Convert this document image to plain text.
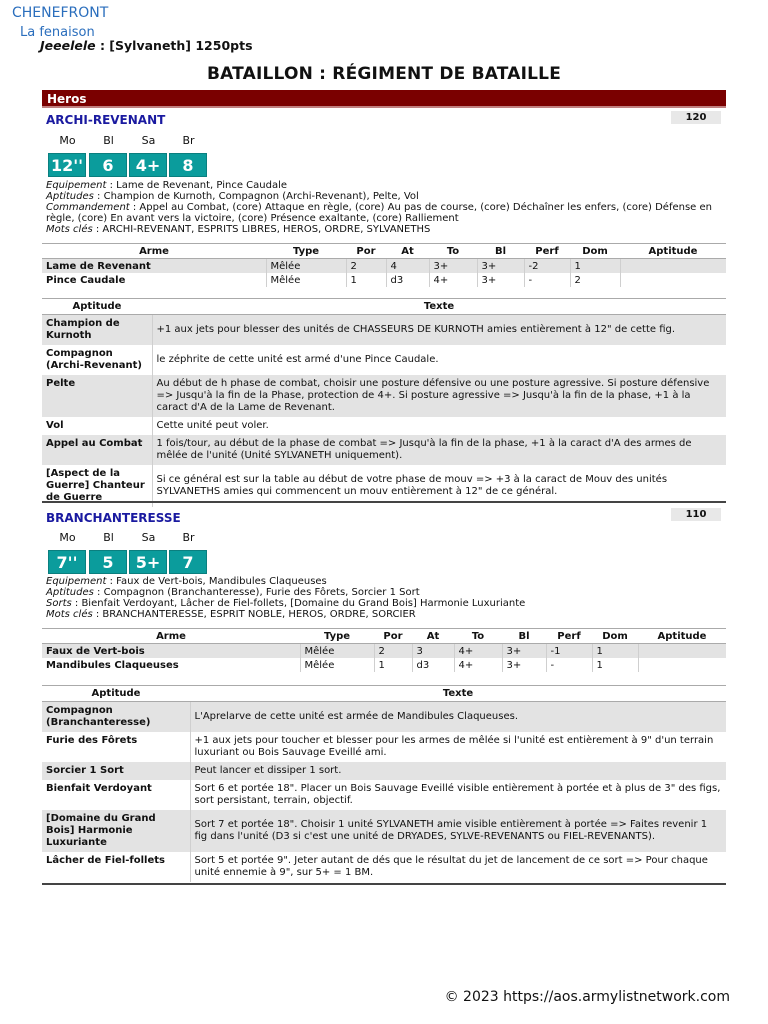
CHENEFRONT
La fenaison
Jeeelele : [Sylvaneth] 1250pts
BATAILLON : RÉGIMENT DE BATAILLE
Heros
ARCHI-REVENANT	120
Mo	Bl	Sa	Br
12''	6	4+	8
Equipement : Lame de Revenant, Pince Caudale
Aptitudes : Champion de Kurnoth, Compagnon (Archi-Revenant), Pelte, Vol
Commandement : Appel au Combat, (core) Attaque en règle, (core) Au pas de course, (core) Déchaîner les enfers, (core) Défense en règle, (core) En avant vers la victoire, (core) Présence exaltante, (core) Ralliement
Mots clés : ARCHI-REVENANT, ESPRITS LIBRES, HEROS, ORDRE, SYLVANETHS
Arme	Type	Por	At	To	Bl	Perf	Dom	Aptitude
Lame de Revenant	Mêlée	2	4	3+	3+	-2	1	
Pince Caudale	Mêlée	1	d3	4+	3+	-	2	
Aptitude	Texte
Champion de Kurnoth	+1 aux jets pour blesser des unités de CHASSEURS DE KURNOTH amies entièrement à 12" de cette fig.
Compagnon (Archi-Revenant)	le zéphrite de cette unité est armé d'une Pince Caudale.
Pelte	Au début de h phase de combat, choisir une posture défensive ou une posture agressive. Si posture défensive => Jusqu'à la fin de la Phase, protection de 4+. Si posture agressive => Jusqu'à la fin de la phase, +1 à la caract d'A de la Lame de Revenant.
Vol	Cette unité peut voler.
Appel au Combat	1 fois/tour, au début de la phase de combat => Jusqu'à la fin de la phase, +1 à la caract d'A des armes de mêlée de l'unité (Unité SYLVANETH uniquement).
[Aspect de la Guerre] Chanteur de Guerre	Si ce général est sur la table au début de votre phase de mouv => +3 à la caract de Mouv des unités SYLVANETHS amies qui commencent un mouv entièrement à 12" de ce général.
BRANCHANTERESSE	110
Mo	Bl	Sa	Br
7''	5	5+	7
Equipement : Faux de Vert-bois, Mandibules Claqueuses
Aptitudes : Compagnon (Branchanteresse), Furie des Fôrets, Sorcier 1 Sort
Sorts : Bienfait Verdoyant, Lâcher de Fiel-follets, [Domaine du Grand Bois] Harmonie Luxuriante
Mots clés : BRANCHANTERESSE, ESPRIT NOBLE, HEROS, ORDRE, SORCIER
Arme	Type	Por	At	To	Bl	Perf	Dom	Aptitude
Faux de Vert-bois	Mêlée	2	3	4+	3+	-1	1	
Mandibules Claqueuses	Mêlée	1	d3	4+	3+	-	1	
Aptitude	Texte
Compagnon (Branchanteresse)	L'Aprelarve de cette unité est armée de Mandibules Claqueuses.
Furie des Fôrets	+1 aux jets pour toucher et blesser pour les armes de mêlée si l'unité est entièrement à 9" d'un terrain luxuriant ou Bois Sauvage Eveillé ami.
Sorcier 1 Sort	Peut lancer et dissiper 1 sort.
Bienfait Verdoyant	Sort 6 et portée 18". Placer un Bois Sauvage Eveillé visible entièrement à portée et à plus de 3" des figs, sort persistant, terrain, objectif.
[Domaine du Grand Bois] Harmonie Luxuriante	Sort 7 et portée 18". Choisir 1 unité SYLVANETH amie visible entièrement à portée => Faites revenir 1 fig dans l'unité (D3 si c'est une unité de DRYADES, SYLVE-REVENANTS ou FIEL-REVENANTS).
Lâcher de Fiel-follets	Sort 5 et portée 9". Jeter autant de dés que le résultat du jet de lancement de ce sort => Pour chaque unité ennemie à 9", sur 5+ = 1 BM.
© 2023 https://aos.armylistnetwork.com
